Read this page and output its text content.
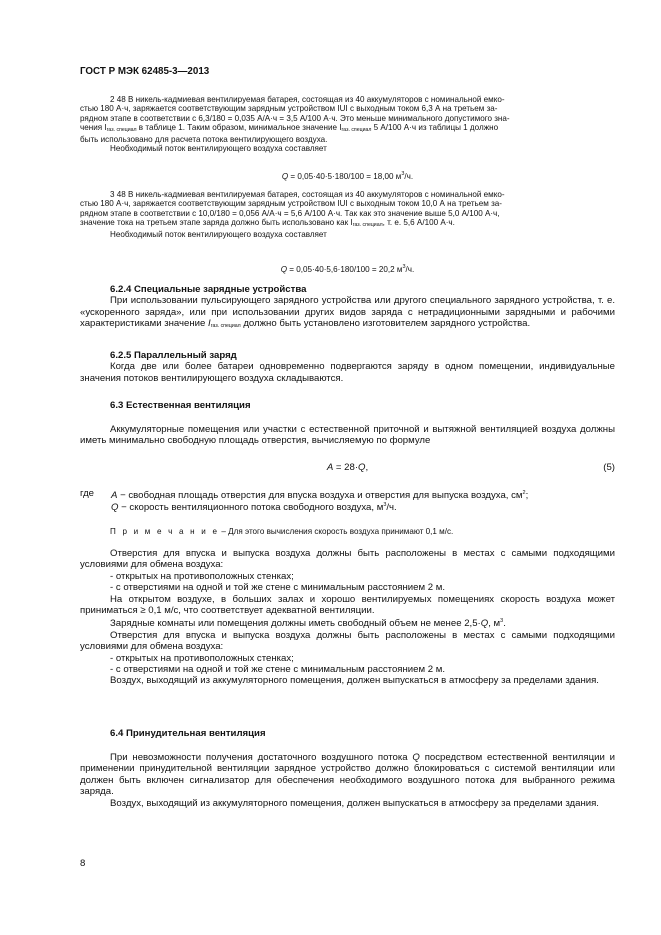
ГОСТ Р МЭК 62485-3—2013

2 48 В никель-кадмиевая вентилируемая батарея, состоящая из 40 аккумуляторов с номинальной емко-

стью 180 А·ч, заряжается соответствующим зарядным устройством IUI с выходным током 6,3 А на третьем за-

рядном этапе в соответствии с 6,3/180 = 0,035 А/А·ч = 3,5 А/100 А·ч. Это меньше минимального допустимого зна-

чения Iгаз. специал в таблице 1. Таким образом, минимальное значение Iгаз. специал 5 А/100 А·ч из таблицы 1 должно

быть использовано для расчета потока вентилирующего воздуха.

Необходимый поток вентилирующего воздуха составляет

Q = 0,05·40·5·180/100 = 18,00 $м^3/ч$.

3 48 В никель-кадмиевая вентилируемая батарея, состоящая из 40 аккумуляторов с номинальной емко-

стью 180 А·ч, заряжается соответствующим зарядным устройством IUI с выходным током 10,0 А на третьем за-

рядном этапе в соответствии с 10,0/180 = 0,056 А/А·ч = 5,6 А/100 А·ч. Так как это значение выше 5,0 А/100 А·ч,

значение тока на третьем этапе заряда должно быть использовано как Iгаз. специал, т. е. 5,6 А/100 А·ч.

Необходимый поток вентилирующего воздуха составляет

Q = 0,05·40·5,6·180/100 = 20,2 $м^3/ч$.

6.2.4 Специальные зарядные устройства

При использовании пульсирующего зарядного устройства или другого специального зарядного устройства, т. е. «ускоренного заряда», или при использовании других видов заряда с нетрадиционными зарядными и рабочими характеристиками значение Iгаз. специал должно быть установлено изготовителем зарядного устройства.

6.2.5 Параллельный заряд

Когда две или более батареи одновременно подвергаются заряду в одном помещении, индивидуальные значения потоков вентилирующего воздуха складываются.

6.3 Естественная вентиляция

Аккумуляторные помещения или участки с естественной приточной и вытяжной вентиляцией воздуха должны иметь минимально свободную площадь отверстия, вычисляемую по формуле

A = 28·Q,	(5)
где A − свободная площадь отверстия для впуска воздуха и отверстия для выпуска воздуха, $см^2$;
Q − скорость вентиляционного потока свободного воздуха, $м^3/ч$.
П р и м е ч а н и е – Для этого вычисления скорость воздуха принимают 0,1 м/с.

Отверстия для впуска и выпуска воздуха должны быть расположены в местах с самыми подходящими условиями для обмена воздуха:

- открытых на противоположных стенках;

- с отверстиями на одной и той же стене с минимальным расстоянием 2 м.

На открытом воздухе, в больших залах и хорошо вентилируемых помещениях скорость воздуха может приниматься ≥ 0,1 м/с, что соответствует адекватной вентиляции.

Зарядные комнаты или помещения должны иметь свободный объем не менее 2,5·Q, $м^3$.

Отверстия для впуска и выпуска воздуха должны быть расположены в местах с самыми подходящими условиями для обмена воздуха:

- открытых на противоположных стенках;

- с отверстиями на одной и той же стене с минимальным расстоянием 2 м.

Воздух, выходящий из аккумуляторного помещения, должен выпускаться в атмосферу за пределами здания.

6.4 Принудительная вентиляция

При невозможности получения достаточного воздушного потока Q посредством естественной вентиляции и применении принудительной вентиляции зарядное устройство должно блокироваться с системой вентиляции или должен быть включен сигнализатор для обеспечения необходимого воздушного потока для выбранного режима заряда.

Воздух, выходящий из аккумуляторного помещения, должен выпускаться в атмосферу за пределами здания.

8
